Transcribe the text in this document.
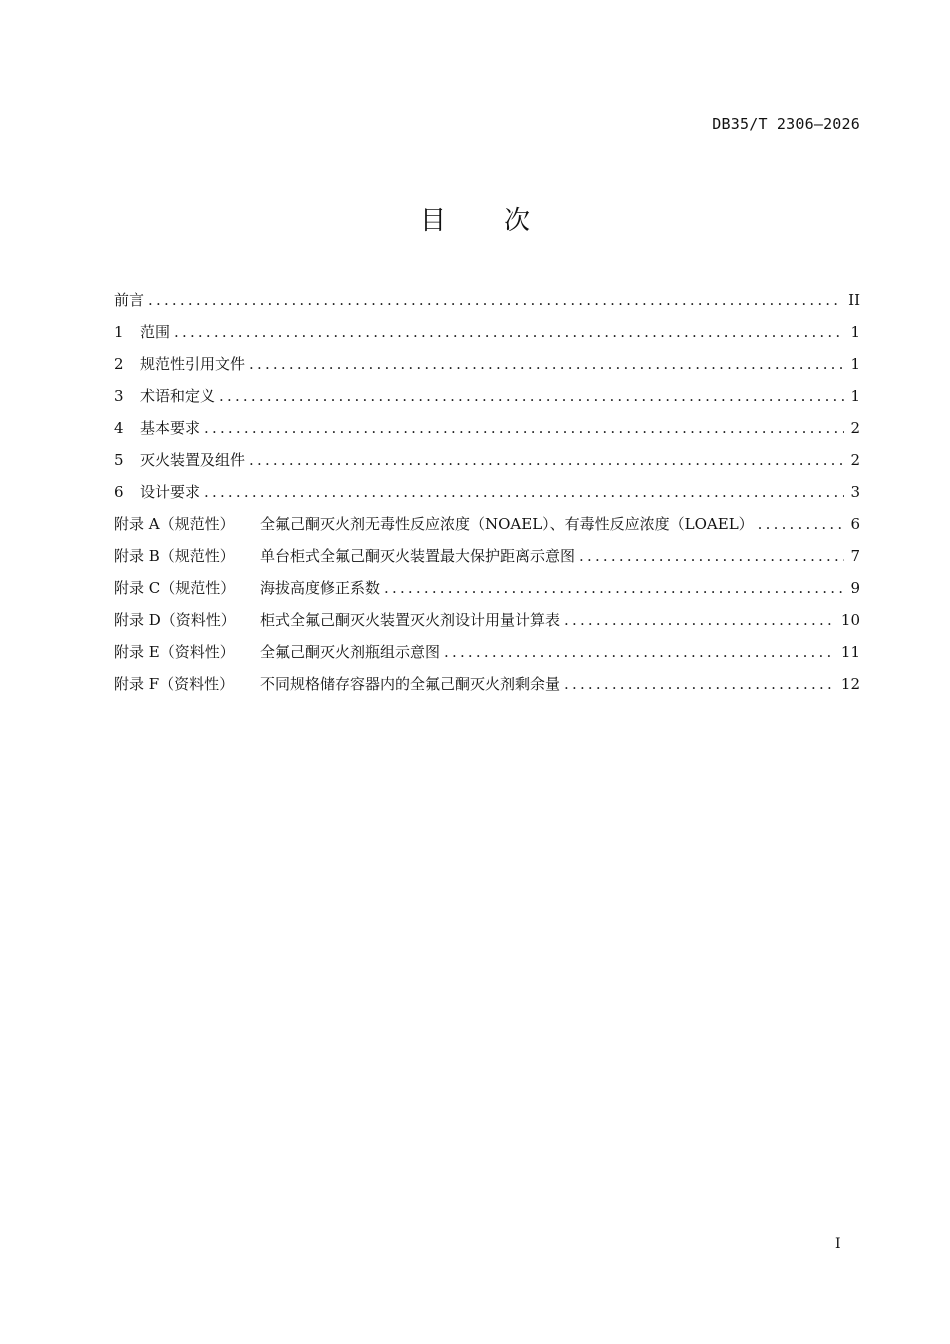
DB35/T 2306—2026
目次
前言 .....	II
1	范围 .....	1
2	规范性引用文件 .....	1
3	术语和定义 .....	1
4	基本要求 .....	2
5	灭火装置及组件 .....	2
6	设计要求 .....	3
附录 A（规范性）	全氟己酮灭火剂无毒性反应浓度（NOAEL）、有毒性反应浓度（LOAEL） .....	6
附录 B（规范性）	单台柜式全氟己酮灭火装置最大保护距离示意图 .....	7
附录 C（规范性）	海拔高度修正系数 .....	9
附录 D（资料性）	柜式全氟己酮灭火装置灭火剂设计用量计算表 .....	10
附录 E（资料性）	全氟己酮灭火剂瓶组示意图 .....	11
附录 F（资料性）	不同规格储存容器内的全氟己酮灭火剂剩余量 .....	12
I
